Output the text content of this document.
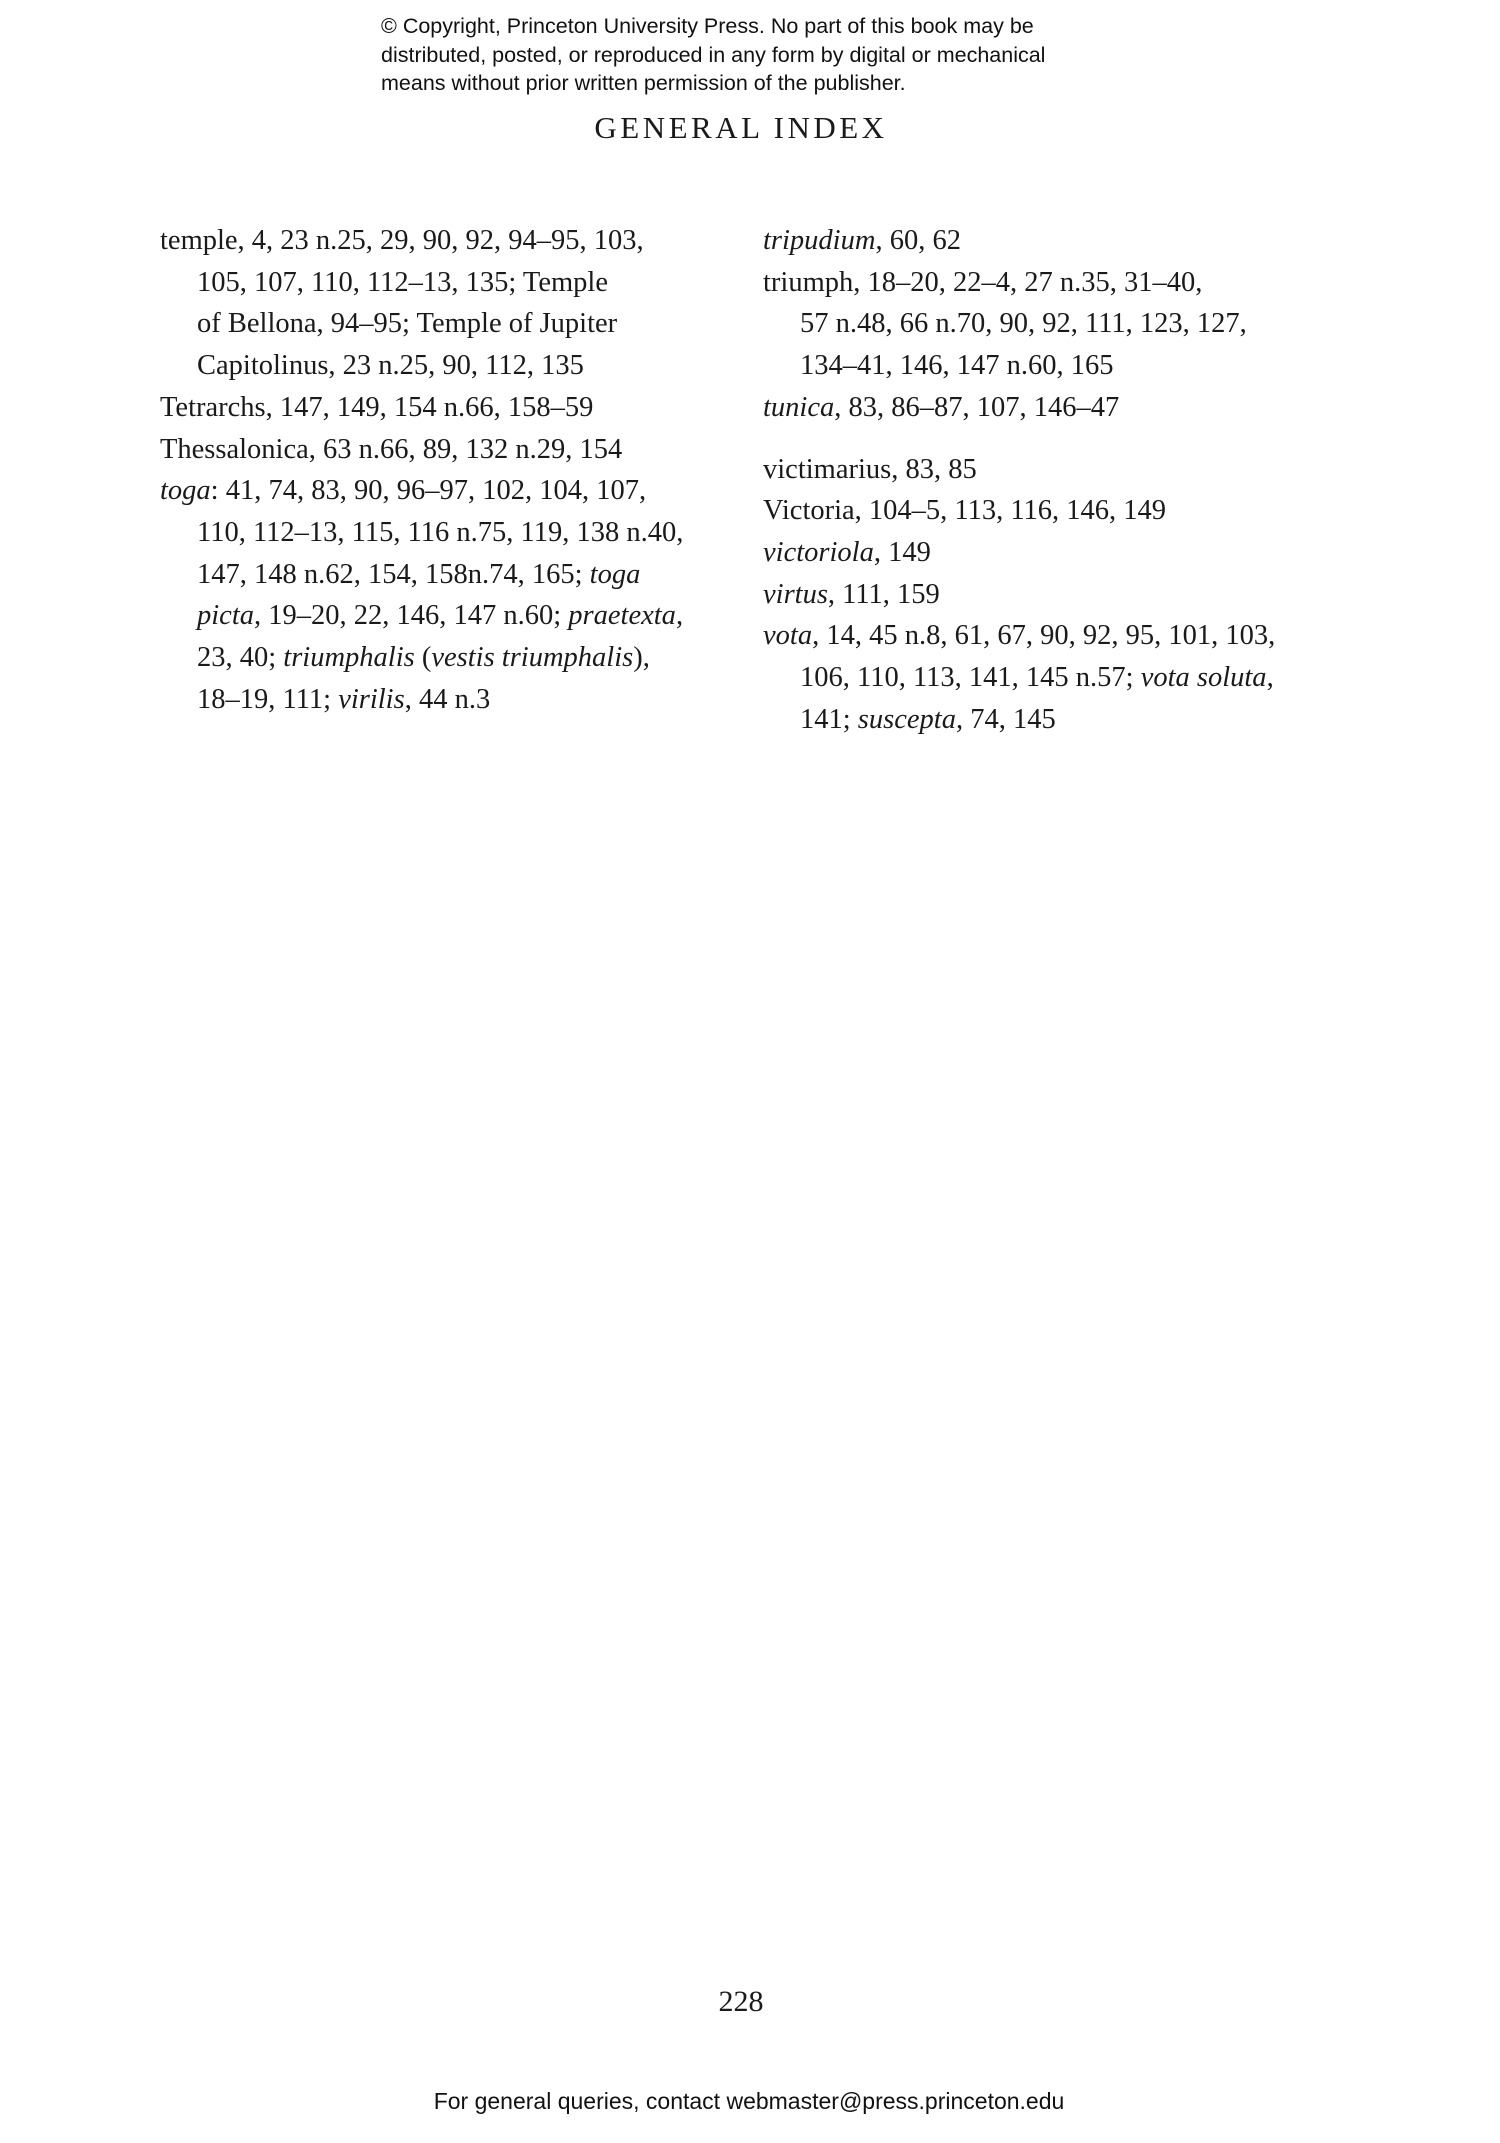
© Copyright, Princeton University Press. No part of this book may be
distributed, posted, or reproduced in any form by digital or mechanical
means without prior written permission of the publisher.
GENERAL INDEX
temple, 4, 23 n.25, 29, 90, 92, 94–95, 103,
105, 107, 110, 112–13, 135; Temple
of Bellona, 94–95; Temple of Jupiter
Capitolinus, 23 n.25, 90, 112, 135
Tetrarchs, 147, 149, 154 n.66, 158–59
Thessalonica, 63 n.66, 89, 132 n.29, 154
toga: 41, 74, 83, 90, 96–97, 102, 104, 107,
110, 112–13, 115, 116 n.75, 119, 138 n.40,
147, 148 n.62, 154, 158n.74, 165; toga
picta, 19–20, 22, 146, 147 n.60; praetexta,
23, 40; triumphalis (vestis triumphalis),
18–19, 111; virilis, 44 n.3
tripudium, 60, 62
triumph, 18–20, 22–4, 27 n.35, 31–40,
57 n.48, 66 n.70, 90, 92, 111, 123, 127,
134–41, 146, 147 n.60, 165
tunica, 83, 86–87, 107, 146–47
victimarius, 83, 85
Victoria, 104–5, 113, 116, 146, 149
victoriola, 149
virtus, 111, 159
vota, 14, 45 n.8, 61, 67, 90, 92, 95, 101, 103,
106, 110, 113, 141, 145 n.57; vota soluta,
141; suscepta, 74, 145
228
For general queries, contact webmaster@press.princeton.edu
